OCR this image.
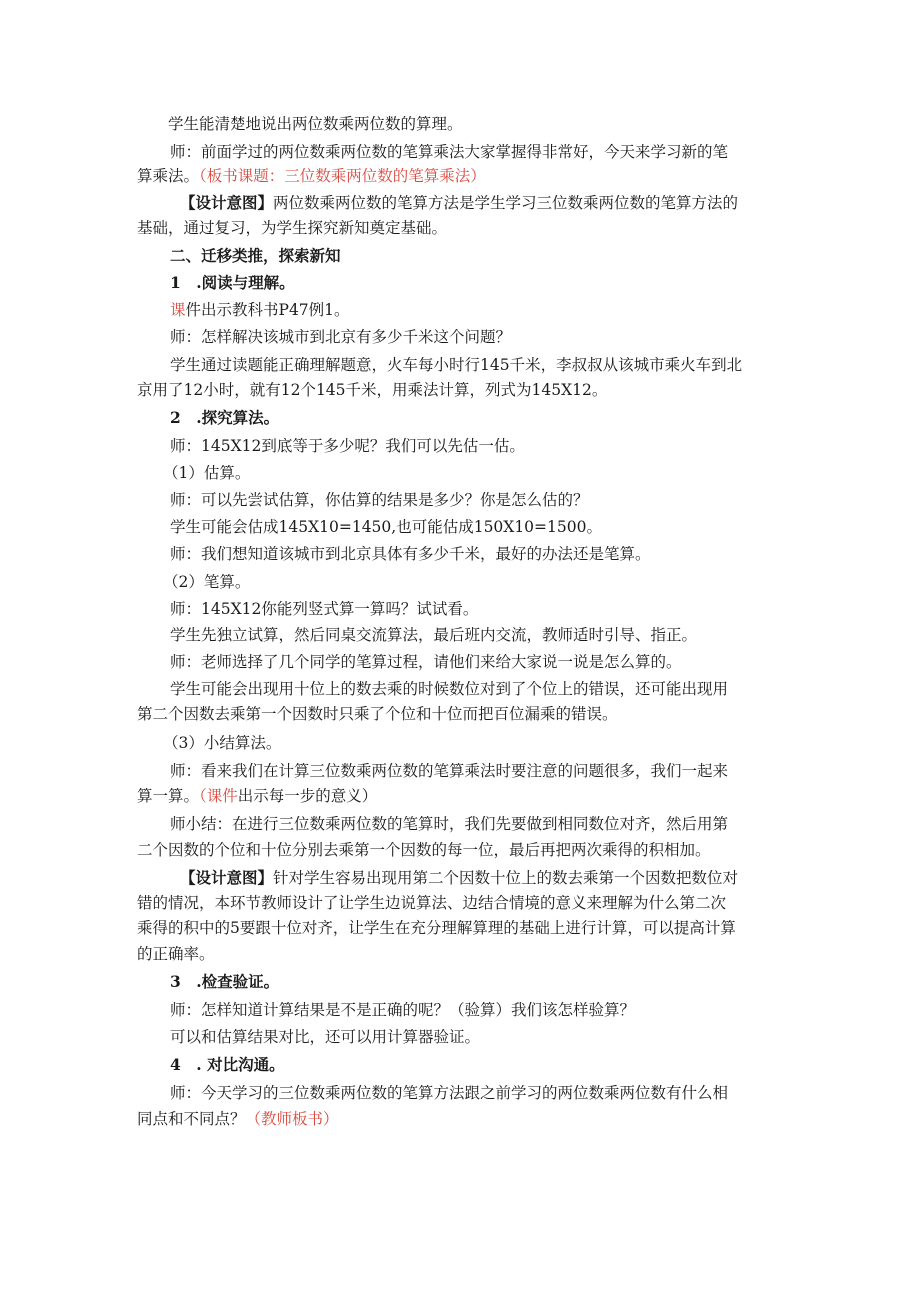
学生能清楚地说出两位数乘两位数的算理。

师：前面学过的两位数乘两位数的笔算乘法大家掌握得非常好，今天来学习新的笔

算乘法。（板书课题：三位数乘两位数的笔算乘法）

【设计意图】两位数乘两位数的笔算方法是学生学习三位数乘两位数的笔算方法的

基础，通过复习，为学生探究新知奠定基础。

二、迁移类推，探索新知

1　.阅读与理解。

课件出示教科书P47例1。

师：怎样解决该城市到北京有多少千米这个问题？

学生通过读题能正确理解题意，火车每小时行145千米，李叔叔从该城市乘火车到北

京用了12小时，就有12个145千米，用乘法计算，列式为145X12。

2　.探究算法。

师：145X12到底等于多少呢？我们可以先估一估。

（1）估算。

师：可以先尝试估算，你估算的结果是多少？你是怎么估的？

学生可能会估成145X10=1450,也可能估成150X10=1500。

师：我们想知道该城市到北京具体有多少千米，最好的办法还是笔算。

（2）笔算。

师：145X12你能列竖式算一算吗？试试看。

学生先独立试算，然后同桌交流算法，最后班内交流，教师适时引导、指正。

师：老师选择了几个同学的笔算过程，请他们来给大家说一说是怎么算的。

学生可能会出现用十位上的数去乘的时候数位对到了个位上的错误，还可能出现用

第二个因数去乘第一个因数时只乘了个位和十位而把百位漏乘的错误。

（3）小结算法。

师：看来我们在计算三位数乘两位数的笔算乘法时要注意的问题很多，我们一起来

算一算。（课件出示每一步的意义）

师小结：在进行三位数乘两位数的笔算时，我们先要做到相同数位对齐，然后用第

二个因数的个位和十位分别去乘第一个因数的每一位，最后再把两次乘得的积相加。

【设计意图】针对学生容易出现用第二个因数十位上的数去乘第一个因数把数位对

错的情况，本环节教师设计了让学生边说算法、边结合情境的意义来理解为什么第二次

乘得的积中的5要跟十位对齐，让学生在充分理解算理的基础上进行计算，可以提高计算

的正确率。

3　.检查验证。

师：怎样知道计算结果是不是正确的呢？（验算）我们该怎样验算？

可以和估算结果对比，还可以用计算器验证。

4　. 对比沟通。

师：今天学习的三位数乘两位数的笔算方法跟之前学习的两位数乘两位数有什么相

同点和不同点？（教师板书）
